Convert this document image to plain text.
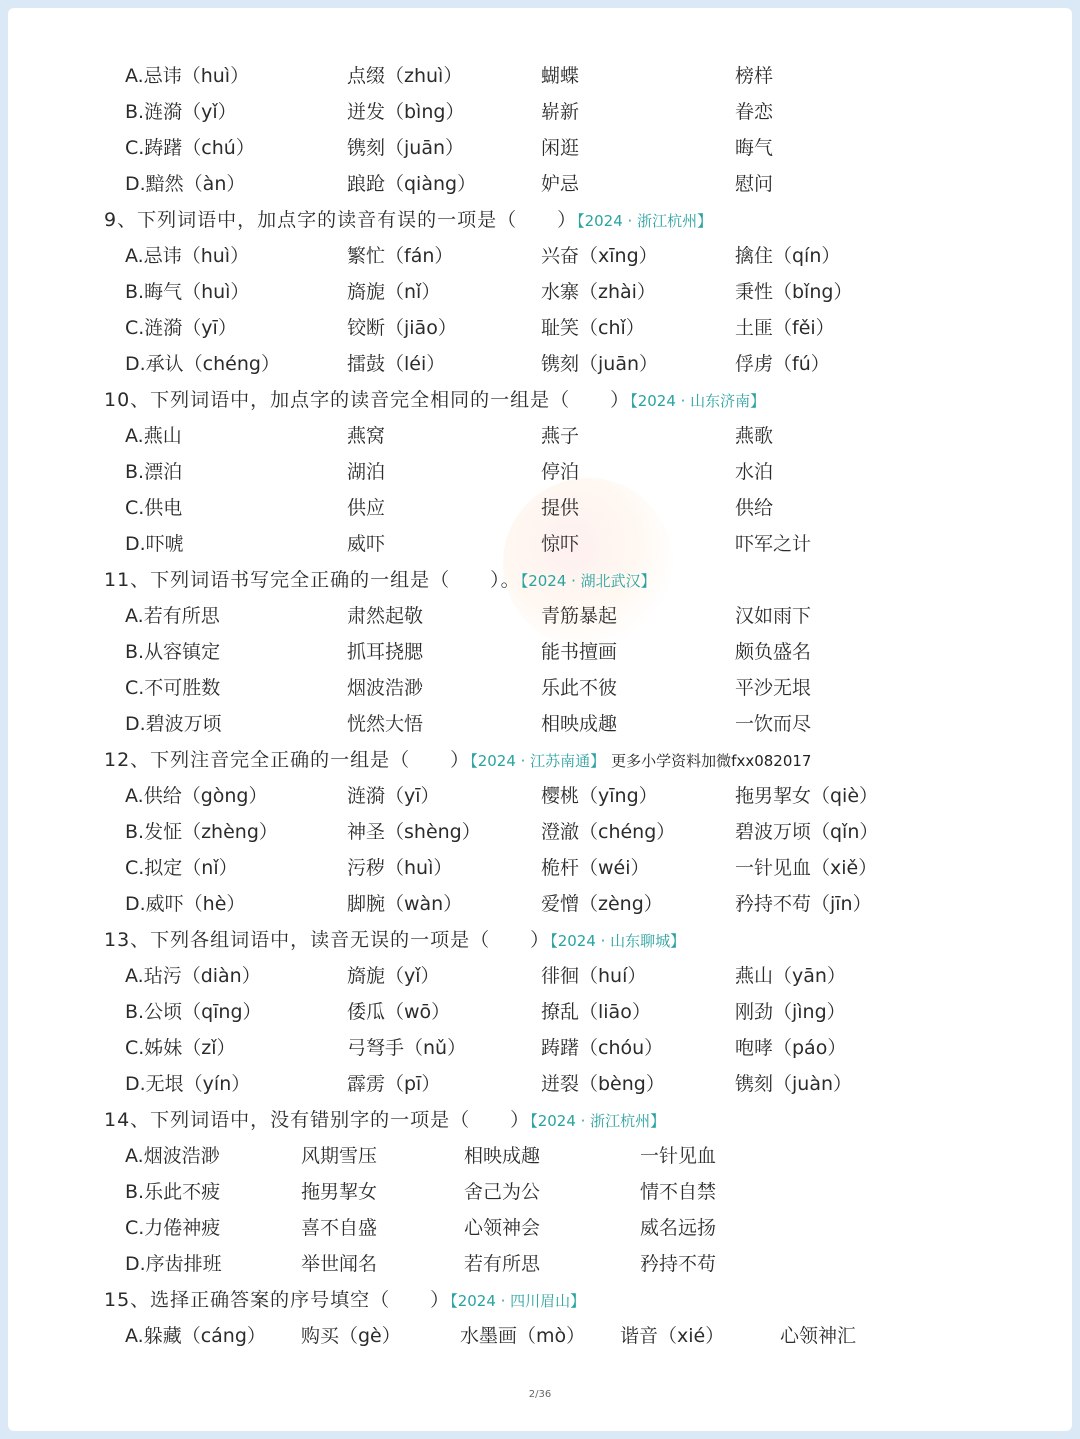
A.忌讳（huì）	点缀（zhuì）	蝴蝶	榜样
B.涟漪（yǐ）	迸发（bìng）	崭新	眷恋
C.踌躇（chú）	镌刻（juān）	闲逛	晦气
D.黯然（àn）	踉跄（qiàng）	妒忌	慰问
A.忌讳（huì）	繁忙（fán）	兴奋（xīng）	擒住（qín）
B.晦气（huì）	旖旎（nǐ）	水寨（zhài）	秉性（bǐng）
C.涟漪（yī）	铰断（jiāo）	耻笑（chǐ）	土匪（fěi）
D.承认（chéng）	擂鼓（léi）	镌刻（juān）	俘虏（fú）
A.燕山	燕窝	燕子	燕歌
B.漂泊	湖泊	停泊	水泊
C.供电	供应	提供	供给
D.吓唬	威吓	惊吓	吓军之计
A.若有所思	肃然起敬	青筋暴起	汉如雨下
B.从容镇定	抓耳挠腮	能书擅画	颇负盛名
C.不可胜数	烟波浩渺	乐此不彼	平沙无垠
D.碧波万顷	恍然大悟	相映成趣	一饮而尽
A.供给（gòng）	涟漪（yī）	樱桃（yīng）	拖男挈女（qiè）
B.发怔（zhèng）	神圣（shèng）	澄澈（chéng）	碧波万顷（qǐn）
C.拟定（nǐ）	污秽（huì）	桅杆（wéi）	一针见血（xiě）
D.威吓（hè）	脚腕（wàn）	爱憎（zèng）	矜持不苟（jīn）
A.玷污（diàn）	旖旎（yǐ）	徘徊（huí）	燕山（yān）
B.公顷（qīng）	倭瓜（wō）	撩乱（liāo）	刚劲（jìng）
C.姊妹（zǐ）	弓弩手（nǔ）	踌躇（chóu）	咆哮（páo）
D.无垠（yín）	霹雳（pī）	迸裂（bèng）	镌刻（juàn）
A.烟波浩渺	风期雪压	相映成趣	一针见血
B.乐此不疲	拖男挈女	舍己为公	情不自禁
C.力倦神疲	喜不自盛	心领神会	威名远扬
D.序齿排班	举世闻名	若有所思	矜持不苟
A.躲藏（cáng） 购买（gè）	水墨画（mò） 谐音（xié）	心领神汇
9、下列词语中，加点字的读音有误的一项是（　　）【2024 · 浙江杭州】
10、下列词语中，加点字的读音完全相同的一组是（　　）【2024 · 山东济南】
11、下列词语书写完全正确的一组是（　　）。【2024 · 湖北武汉】
12、下列注音完全正确的一组是（　　）【2024 · 江苏南通】 更多小学资料加微fxx082017
13、下列各组词语中，读音无误的一项是（　　）【2024 · 山东聊城】
14、下列词语中，没有错别字的一项是（　　）【2024 · 浙江杭州】
15、选择正确答案的序号填空（　　）【2024 · 四川眉山】
2/36
